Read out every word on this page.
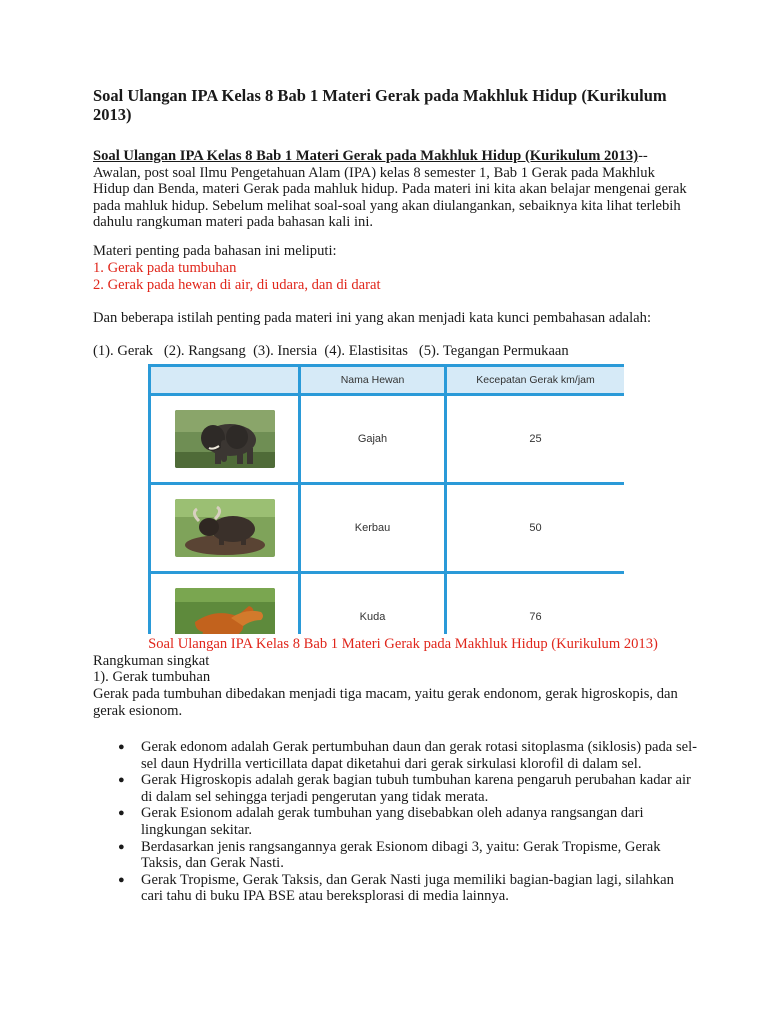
Soal Ulangan IPA Kelas 8 Bab 1 Materi Gerak pada Makhluk Hidup (Kurikulum 2013)
Soal Ulangan IPA Kelas 8 Bab 1 Materi Gerak pada Makhluk Hidup (Kurikulum 2013)--Awalan, post soal Ilmu Pengetahuan Alam (IPA) kelas 8 semester 1, Bab 1 Gerak pada Makhluk Hidup dan Benda, materi Gerak pada mahluk hidup. Pada materi ini kita akan belajar mengenai gerak pada mahluk hidup. Sebelum melihat soal-soal yang akan diulangankan, sebaiknya kita lihat terlebih dahulu rangkuman materi pada bahasan kali ini.
Materi penting pada bahasan ini meliputi:
1. Gerak pada tumbuhan
2. Gerak pada hewan di air, di udara, dan di darat
Dan beberapa istilah penting pada materi ini yang akan menjadi kata kunci pembahasan adalah:
(1). Gerak   (2). Rangsang  (3). Inersia  (4). Elastisitas   (5). Tegangan Permukaan
	Nama Hewan	Kecepatan Gerak km/jam

	Gajah	25

	Kerbau	50

	Kuda	76
Soal Ulangan IPA Kelas 8 Bab 1 Materi Gerak pada Makhluk Hidup (Kurikulum 2013)
Rangkuman singkat
1). Gerak tumbuhan
Gerak pada tumbuhan dibedakan menjadi tiga macam, yaitu gerak endonom, gerak higroskopis, dan gerak esionom.
● Gerak edonom adalah Gerak pertumbuhan daun dan gerak rotasi sitoplasma (siklosis) pada sel-sel daun Hydrilla verticillata dapat diketahui dari gerak sirkulasi klorofil di dalam sel.
● Gerak Higroskopis adalah gerak bagian tubuh tumbuhan karena pengaruh perubahan kadar air di dalam sel sehingga terjadi pengerutan yang tidak merata.
● Gerak Esionom adalah gerak tumbuhan yang disebabkan oleh adanya rangsangan dari lingkungan sekitar.
● Berdasarkan jenis rangsangannya gerak Esionom dibagi 3, yaitu: Gerak Tropisme, Gerak Taksis, dan Gerak Nasti.
● Gerak Tropisme, Gerak Taksis, dan Gerak Nasti juga memiliki bagian-bagian lagi, silahkan cari tahu di buku IPA BSE atau bereksplorasi di media lainnya.
